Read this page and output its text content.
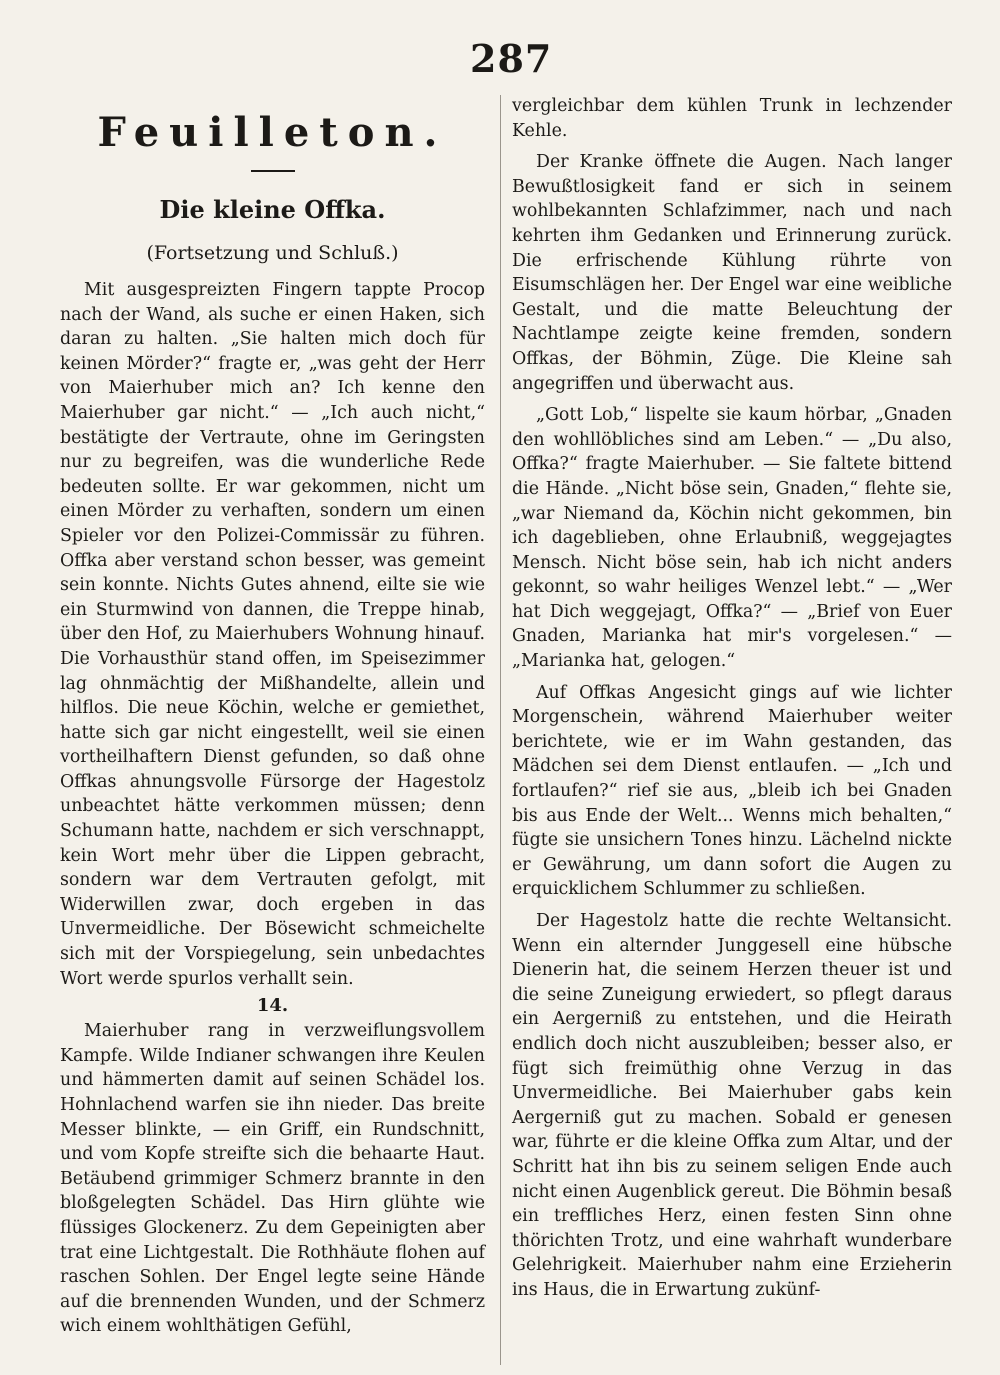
287
Feuilleton.
Die kleine Offka.
(Fortsetzung und Schluß.)

Mit ausgespreizten Fingern tappte Procop nach der Wand, als suche er einen Haken, sich daran zu halten. „Sie halten mich doch für keinen Mörder?“ fragte er, „was geht der Herr von Maierhuber mich an? Ich kenne den Maierhuber gar nicht.“ — „Ich auch nicht,“ bestätigte der Vertraute, ohne im Geringsten nur zu begreifen, was die wunderliche Rede bedeuten sollte. Er war gekommen, nicht um einen Mörder zu verhaften, sondern um einen Spieler vor den Polizei-Commissär zu führen. Offka aber verstand schon besser, was gemeint sein konnte. Nichts Gutes ahnend, eilte sie wie ein Sturmwind von dannen, die Treppe hinab, über den Hof, zu Maierhubers Wohnung hinauf. Die Vorhausthür stand offen, im Speisezimmer lag ohnmächtig der Mißhandelte, allein und hilflos. Die neue Köchin, welche er gemiethet, hatte sich gar nicht eingestellt, weil sie einen vortheilhaftern Dienst gefunden, so daß ohne Offkas ahnungsvolle Fürsorge der Hagestolz unbeachtet hätte verkommen müssen; denn Schumann hatte, nachdem er sich verschnappt, kein Wort mehr über die Lippen gebracht, sondern war dem Vertrauten gefolgt, mit Widerwillen zwar, doch ergeben in das Unvermeidliche. Der Bösewicht schmeichelte sich mit der Vorspiegelung, sein unbedachtes Wort werde spurlos verhallt sein.

14.

Maierhuber rang in verzweiflungsvollem Kampfe. Wilde Indianer schwangen ihre Keulen und hämmerten damit auf seinen Schädel los. Hohnlachend warfen sie ihn nieder. Das breite Messer blinkte, — ein Griff, ein Rundschnitt, und vom Kopfe streifte sich die behaarte Haut. Betäubend grimmiger Schmerz brannte in den bloßgelegten Schädel. Das Hirn glühte wie flüssiges Glockenerz. Zu dem Gepeinigten aber trat eine Lichtgestalt. Die Rothhäute flohen auf raschen Sohlen. Der Engel legte seine Hände auf die brennenden Wunden, und der Schmerz wich einem wohlthätigen Gefühl,

vergleichbar dem kühlen Trunk in lechzender Kehle.

Der Kranke öffnete die Augen. Nach langer Bewußtlosigkeit fand er sich in seinem wohlbekannten Schlafzimmer, nach und nach kehrten ihm Gedanken und Erinnerung zurück. Die erfrischende Kühlung rührte von Eisumschlägen her. Der Engel war eine weibliche Gestalt, und die matte Beleuchtung der Nachtlampe zeigte keine fremden, sondern Offkas, der Böhmin, Züge. Die Kleine sah angegriffen und überwacht aus.

„Gott Lob,“ lispelte sie kaum hörbar, „Gnaden den wohllöbliches sind am Leben.“ — „Du also, Offka?“ fragte Maierhuber. — Sie faltete bittend die Hände. „Nicht böse sein, Gnaden,“ flehte sie, „war Niemand da, Köchin nicht gekommen, bin ich dageblieben, ohne Erlaubniß, weggejagtes Mensch. Nicht böse sein, hab ich nicht anders gekonnt, so wahr heiliges Wenzel lebt.“ — „Wer hat Dich weggejagt, Offka?“ — „Brief von Euer Gnaden, Marianka hat mir's vorgelesen.“ — „Marianka hat, gelogen.“

Auf Offkas Angesicht gings auf wie lichter Morgenschein, während Maierhuber weiter berichtete, wie er im Wahn gestanden, das Mädchen sei dem Dienst entlaufen. — „Ich und fortlaufen?“ rief sie aus, „bleib ich bei Gnaden bis aus Ende der Welt... Wenns mich behalten,“ fügte sie unsichern Tones hinzu. Lächelnd nickte er Gewährung, um dann sofort die Augen zu erquicklichem Schlummer zu schließen.

Der Hagestolz hatte die rechte Weltansicht. Wenn ein alternder Junggesell eine hübsche Dienerin hat, die seinem Herzen theuer ist und die seine Zuneigung erwiedert, so pflegt daraus ein Aergerniß zu entstehen, und die Heirath endlich doch nicht auszubleiben; besser also, er fügt sich freimüthig ohne Verzug in das Unvermeidliche. Bei Maierhuber gabs kein Aergerniß gut zu machen. Sobald er genesen war, führte er die kleine Offka zum Altar, und der Schritt hat ihn bis zu seinem seligen Ende auch nicht einen Augenblick gereut. Die Böhmin besaß ein treffliches Herz, einen festen Sinn ohne thörichten Trotz, und eine wahrhaft wunderbare Gelehrigkeit. Maierhuber nahm eine Erzieherin ins Haus, die in Erwartung zukünf-
